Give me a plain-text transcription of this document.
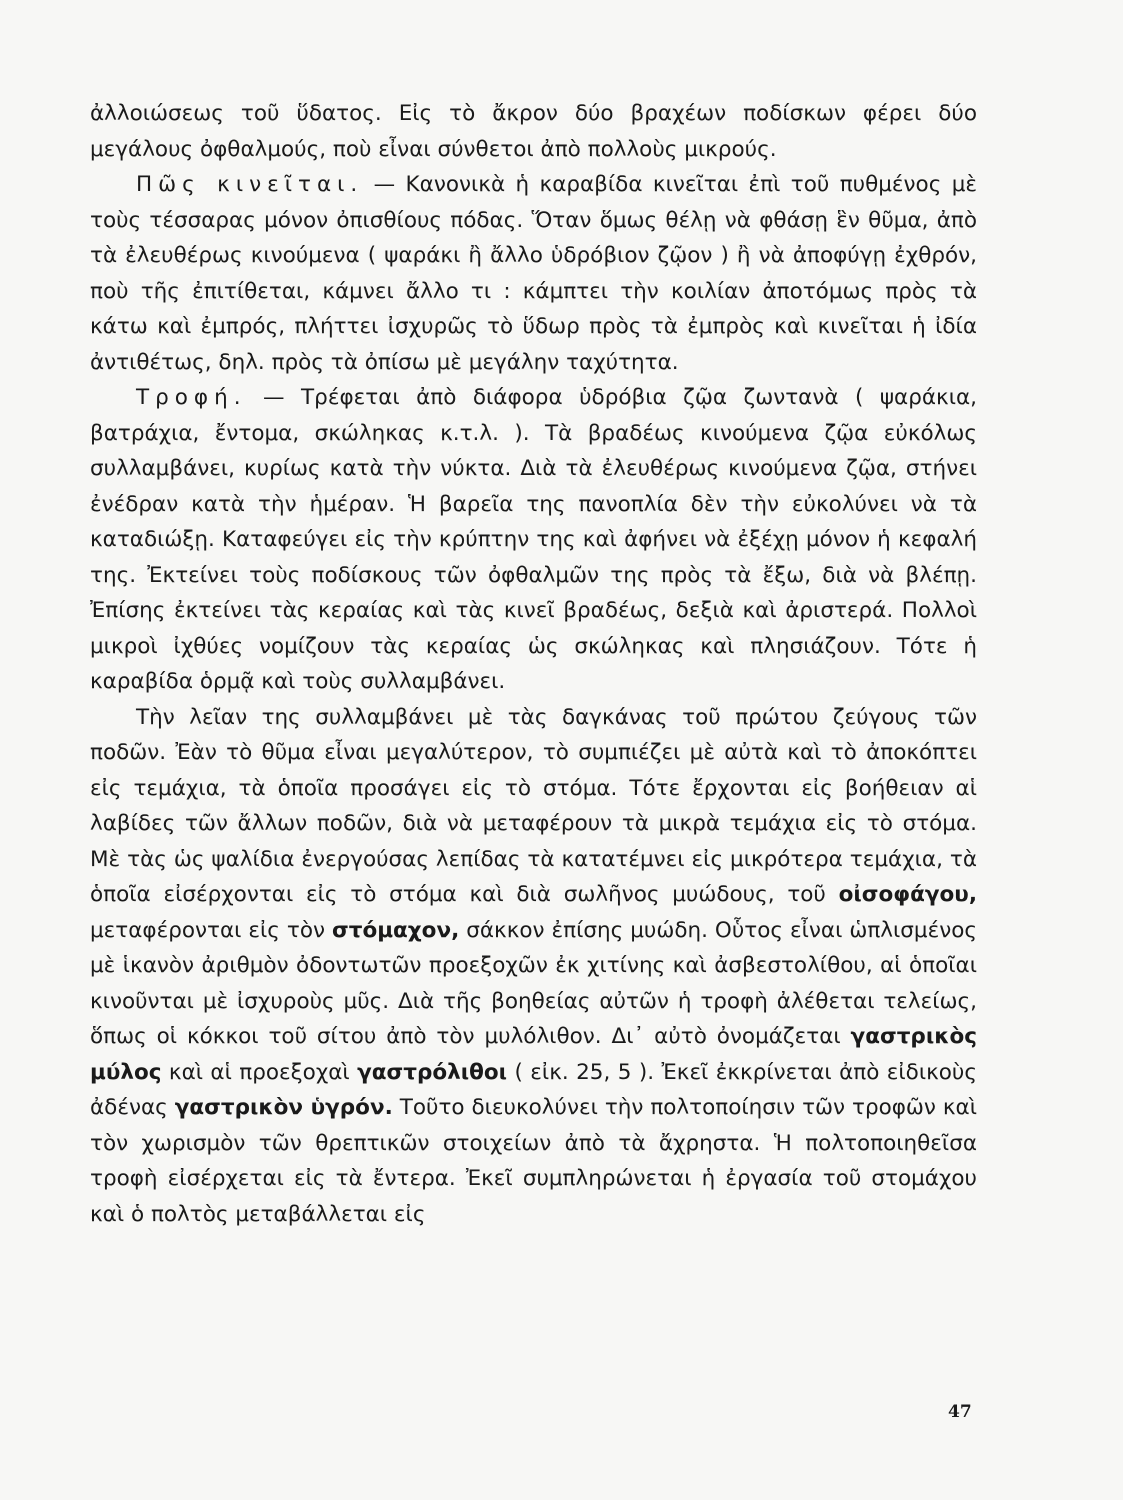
ἀλλοιώσεως τοῦ ὕδατος. Εἰς τὸ ἄκρον δύο βραχέων ποδίσκων φέρει δύο μεγάλους ὀφθαλμούς, ποὺ εἶναι σύνθετοι ἀπὸ πολλοὺς μικρούς.

Πῶς κινεῖται. — Κανονικὰ ἡ καραβίδα κινεῖται ἐπὶ τοῦ πυθμένος μὲ τοὺς τέσσαρας μόνον ὀπισθίους πόδας. Ὅταν ὅμως θέλῃ νὰ φθάσῃ ἓν θῦμα, ἀπὸ τὰ ἐλευθέρως κινούμενα ( ψαράκι ἢ ἄλλο ὑδρόβιον ζῷον ) ἢ νὰ ἀποφύγῃ ἐχθρόν, ποὺ τῆς ἐπιτίθεται, κάμνει ἄλλο τι : κάμπτει τὴν κοιλίαν ἀποτόμως πρὸς τὰ κάτω καὶ ἐμπρός, πλήττει ἰσχυρῶς τὸ ὕδωρ πρὸς τὰ ἐμπρὸς καὶ κινεῖται ἡ ἰδία ἀντιθέτως, δηλ. πρὸς τὰ ὀπίσω μὲ μεγάλην ταχύτητα.

Τροφή. — Τρέφεται ἀπὸ διάφορα ὑδρόβια ζῷα ζωντανὰ ( ψαράκια, βατράχια, ἔντομα, σκώληκας κ.τ.λ. ). Τὰ βραδέως κινούμενα ζῷα εὐκόλως συλλαμβάνει, κυρίως κατὰ τὴν νύκτα. Διὰ τὰ ἐλευθέρως κινούμενα ζῷα, στήνει ἐνέδραν κατὰ τὴν ἡμέραν. Ἡ βαρεῖα της πανοπλία δὲν τὴν εὐκολύνει νὰ τὰ καταδιώξῃ. Καταφεύγει εἰς τὴν κρύπτην της καὶ ἀφήνει νὰ ἐξέχῃ μόνον ἡ κεφαλή της. Ἐκτείνει τοὺς ποδίσκους τῶν ὀφθαλμῶν της πρὸς τὰ ἔξω, διὰ νὰ βλέπῃ. Ἐπίσης ἐκτείνει τὰς κεραίας καὶ τὰς κινεῖ βραδέως, δεξιὰ καὶ ἀριστερά. Πολλοὶ μικροὶ ἰχθύες νομίζουν τὰς κεραίας ὡς σκώληκας καὶ πλησιάζουν. Τότε ἡ καραβίδα ὁρμᾷ καὶ τοὺς συλλαμβάνει.

Τὴν λεῖαν της συλλαμβάνει μὲ τὰς δαγκάνας τοῦ πρώτου ζεύγους τῶν ποδῶν. Ἐὰν τὸ θῦμα εἶναι μεγαλύτερον, τὸ συμπιέζει μὲ αὐτὰ καὶ τὸ ἀποκόπτει εἰς τεμάχια, τὰ ὁποῖα προσάγει εἰς τὸ στόμα. Τότε ἔρχονται εἰς βοήθειαν αἱ λαβίδες τῶν ἄλλων ποδῶν, διὰ νὰ μεταφέρουν τὰ μικρὰ τεμάχια εἰς τὸ στόμα. Μὲ τὰς ὡς ψαλίδια ἐνεργούσας λεπίδας τὰ κατατέμνει εἰς μικρότερα τεμάχια, τὰ ὁποῖα εἰσέρχονται εἰς τὸ στόμα καὶ διὰ σωλῆνος μυώδους, τοῦ οἰσοφάγου, μεταφέρονται εἰς τὸν στόμαχον, σάκκον ἐπίσης μυώδη. Οὗτος εἶναι ὡπλισμένος μὲ ἱκανὸν ἀριθμὸν ὀδοντωτῶν προεξοχῶν ἐκ χιτίνης καὶ ἀσβεστολίθου, αἱ ὁποῖαι κινοῦνται μὲ ἰσχυροὺς μῦς. Διὰ τῆς βοηθείας αὐτῶν ἡ τροφὴ ἀλέθεται τελείως, ὅπως οἱ κόκκοι τοῦ σίτου ἀπὸ τὸν μυλόλιθον. Δι᾽ αὐτὸ ὀνομάζεται γαστρικὸς μύλος καὶ αἱ προεξοχαὶ γαστρόλιθοι ( εἰκ. 25, 5 ). Ἐκεῖ ἐκκρίνεται ἀπὸ εἰδικοὺς ἀδένας γαστρικὸν ὑγρόν. Τοῦτο διευκολύνει τὴν πολτοποίησιν τῶν τροφῶν καὶ τὸν χωρισμὸν τῶν θρεπτικῶν στοιχείων ἀπὸ τὰ ἄχρηστα. Ἡ πολτοποιηθεῖσα τροφὴ εἰσέρχεται εἰς τὰ ἔντερα. Ἐκεῖ συμπληρώνεται ἡ ἐργασία τοῦ στομάχου καὶ ὁ πολτὸς μεταβάλλεται εἰς

47
